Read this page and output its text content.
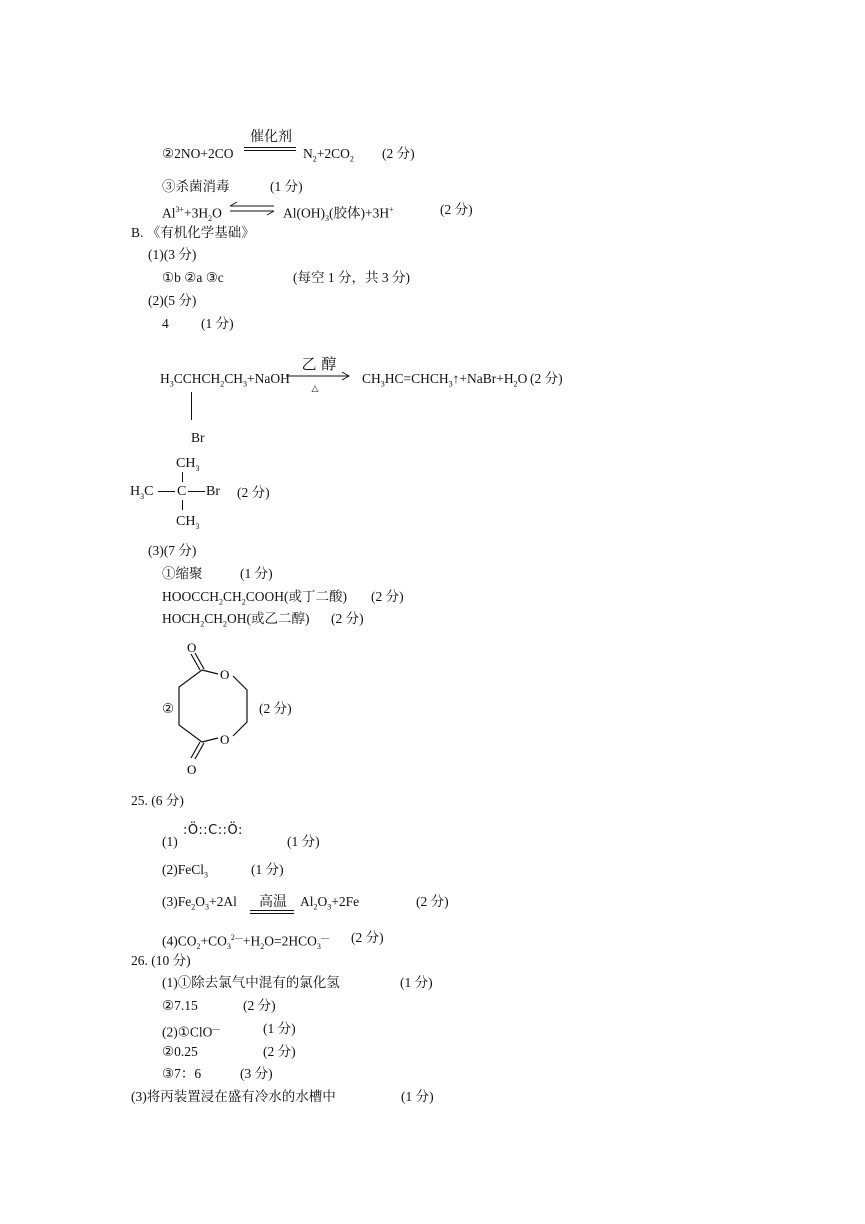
②2NO+2CO
催化剂
$N_2+2CO_2$ (2 分)
③杀菌消毒	(1 分)
$Al^{3+}+3H_2O$ ⇌ $Al(OH)_3$(胶体)+3H+	(2 分)
B. 《有机化学基础》
(1)(3 分)
①b ②a ③c	(每空 1 分，共 3 分)
(2)(5 分)
4 (1 分)
$H_3CCHCH_2CH_3+NaOH$
乙 醇
△
$CH_3HC=CHCH_3↑+NaBr+H_2O$ (2 分)
Br
$CH_3$
$H_3C$ C Br
$CH_3$
(2 分)
(3)(7 分)
①缩聚	(1 分)
$HOOCCH_2CH_2COOH$(或丁二酸) (2 分)
$HOCH_2CH_2OH$(或乙二醇) (2 分)
②
O
O
O
O
(2 分)
25. (6 分)
(1)
:Ö::C::Ö:
(1 分)
(2)FeCl$_3$	(1 分)
$(3)Fe_2O_3+2Al$	高温 $Al_2O_3+2Fe$	(2 分)
$(4)CO_2+CO_3^{2—}+H_2O=2HCO_3^—$ (2 分)
26. (10 分)
(1)①除去氯气中混有的氯化氢	(1 分)
②7.15	(2 分)
(2)①ClO—	(1 分)
②0.25	(2 分)
③7：6	(3 分)
(3)将丙装置浸在盛有冷水的水槽中	(1 分)
